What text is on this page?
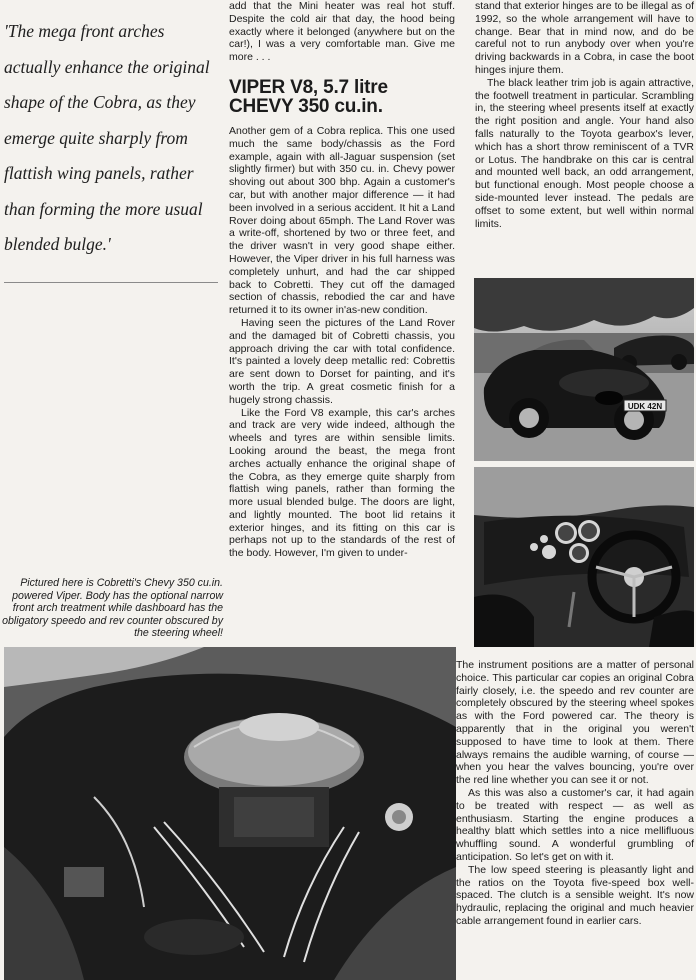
'The mega front arches actually enhance the original shape of the Cobra, as they emerge quite sharply from flattish wing panels, rather than forming the more usual blended bulge.'
Pictured here is Cobretti's Chevy 350 cu.in. powered Viper. Body has the optional narrow front arch treatment while dashboard has the obligatory speedo and rev counter obscured by the steering wheel!

add that the Mini heater was real hot stuff. Despite the cold air that day, the hood being exactly where it belonged (anywhere but on the car!), I was a very comfortable man. Give me more . . .

VIPER V8, 5.7 litre CHEVY 350 cu.in.

Another gem of a Cobra replica. This one used much the same body/chassis as the Ford example, again with all-Jaguar suspension (set slightly firmer) but with 350 cu. in. Chevy power shoving out about 300 bhp. Again a customer's car, but with another major difference — it had been involved in a serious accident. It hit a Land Rover doing about 65mph. The Land Rover was a write-off, shortened by two or three feet, and the driver wasn't in very good shape either. However, the Viper driver in his full harness was completely unhurt, and had the car shipped back to Cobretti. They cut off the damaged section of chassis, rebodied the car and have returned it to its owner in'as-new condition.

Having seen the pictures of the Land Rover and the damaged bit of Cobretti chassis, you approach driving the car with total confidence. It's painted a lovely deep metallic red: Cobrettis are sent down to Dorset for painting, and it's worth the trip. A great cosmetic finish for a hugely strong chassis.

Like the Ford V8 example, this car's arches and track are very wide indeed, although the wheels and tyres are within sensible limits. Looking around the beast, the mega front arches actually enhance the original shape of the Cobra, as they emerge quite sharply from flattish wing panels, rather than forming the more usual blended bulge. The doors are light, and lightly mounted. The boot lid retains it exterior hinges, and its fitting on this car is perhaps not up to the standards of the rest of the body. However, I'm given to under-

stand that exterior hinges are to be illegal as of 1992, so the whole arrangement will have to change. Bear that in mind now, and do be careful not to run anybody over when you're driving backwards in a Cobra, in case the boot hinges injure them.

The black leather trim job is again attractive, the footwell treatment in particular. Scrambling in, the steering wheel presents itself at exactly the right position and angle. Your hand also falls naturally to the Toyota gearbox's lever, which has a short throw reminiscent of a TVR or Lotus. The handbrake on this car is central and mounted well back, an odd arrangement, but functional enough. Most people choose a side-mounted lever instead. The pedals are offset to some extent, but well within normal limits.

UDK 42N

The instrument positions are a matter of personal choice. This particular car copies an original Cobra fairly closely, i.e. the speedo and rev counter are completely obscured by the steering wheel spokes as with the Ford powered car. The theory is apparently that in the original you weren't supposed to have time to look at them. There always remains the audible warning, of course — when you hear the valves bouncing, you're over the red line whether you can see it or not.

As this was also a customer's car, it had again to be treated with respect — as well as enthusiasm. Starting the engine produces a healthy blatt which settles into a nice mellifluous whuffling sound. A wonderful grumbling of anticipation. So let's get on with it.

The low speed steering is pleasantly light and the ratios on the Toyota five-speed box well-spaced. The clutch is a sensible weight. It's now hydraulic, replacing the original and much heavier cable arrangement found in earlier cars.
